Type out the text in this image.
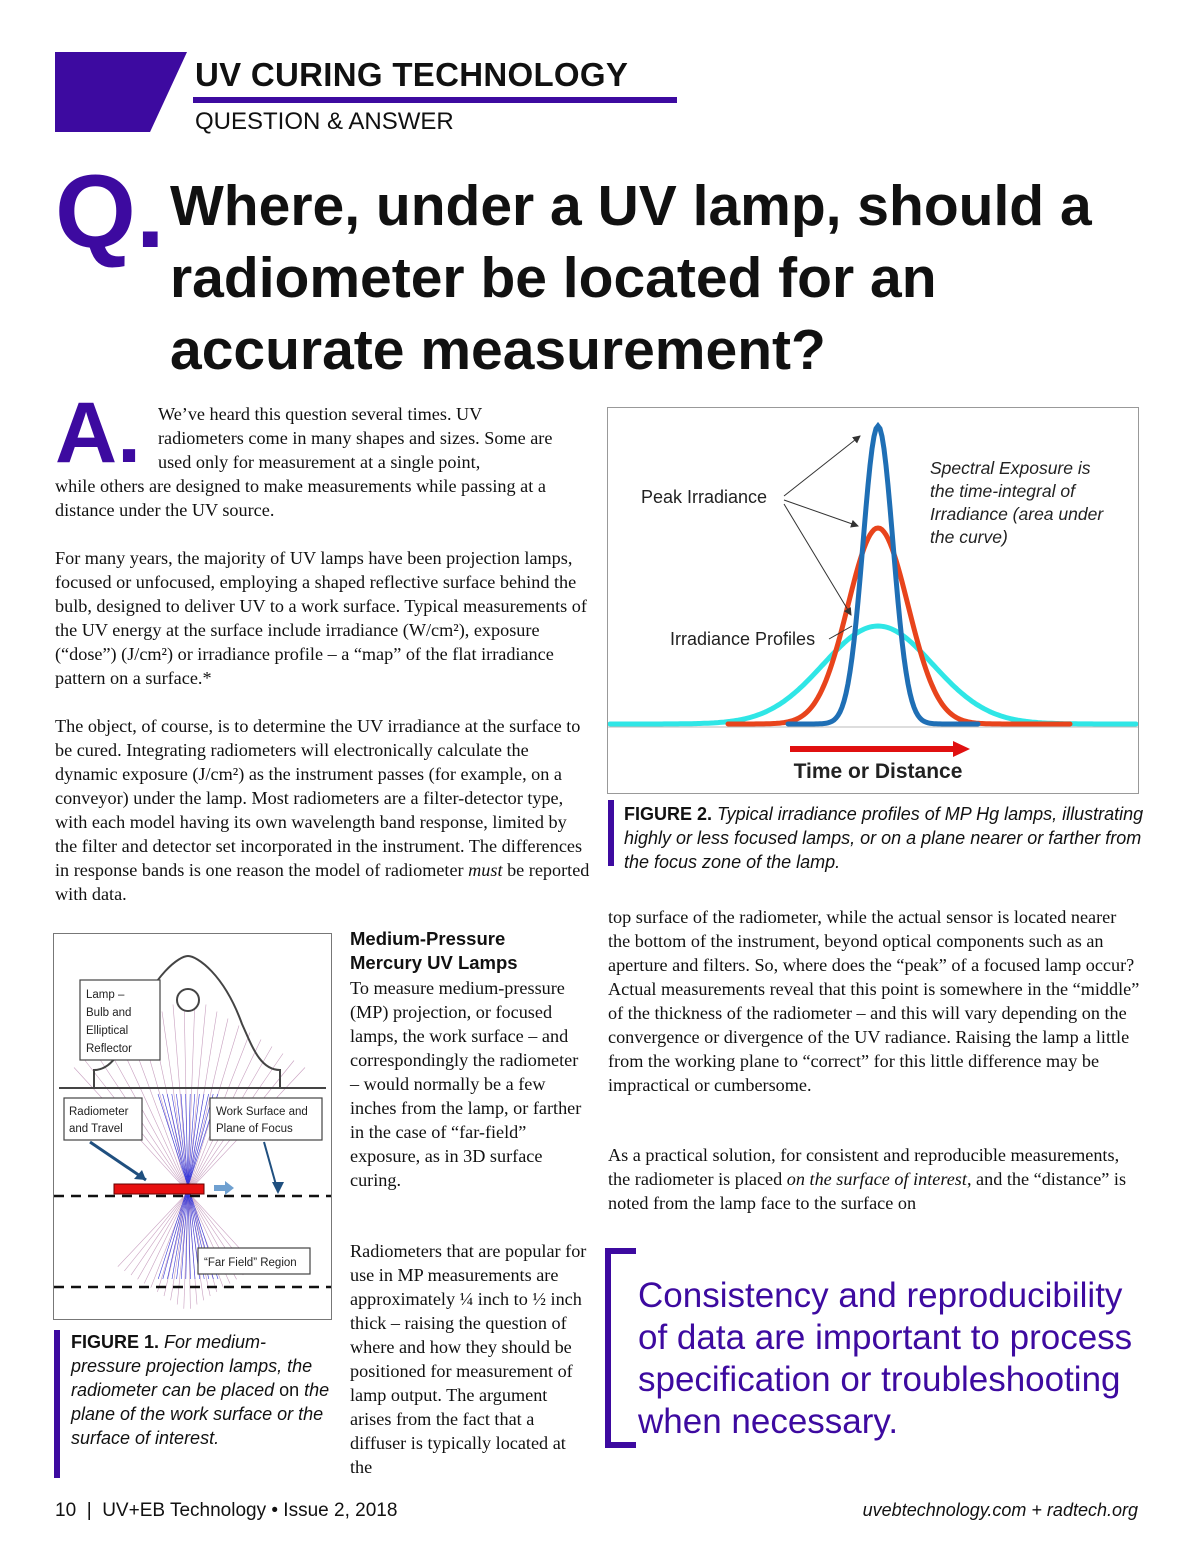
UV CURING TECHNOLOGY
QUESTION & ANSWER
Q. Where, under a UV lamp, should a radiometer be located for an accurate measurement?
A. We’ve heard this question several times. UV radiometers come in many shapes and sizes. Some are used only for measurement at a single point,
while others are designed to make measurements while passing at a distance under the UV source.
For many years, the majority of UV lamps have been projection lamps, focused or unfocused, employing a shaped reflective surface behind the bulb, designed to deliver UV to a work surface. Typical measurements of the UV energy at the surface include irradiance (W/cm²), exposure (“dose”) (J/cm²) or irradiance profile – a “map” of the flat irradiance pattern on a surface.*
The object, of course, is to determine the UV irradiance at the surface to be cured. Integrating radiometers will electronically calculate the dynamic exposure (J/cm²) as the instrument passes (for example, on a conveyor) under the lamp. Most radiometers are a filter-detector type, with each model having its own wavelength band response, limited by the filter and detector set incorporated in the instrument. The differences in response bands is one reason the model of radiometer must be reported with data.
Peak Irradiance
Irradiance Profiles
Spectral Exposure is
the time-integral of
Irradiance (area under
the curve)
Time or Distance
FIGURE 2. Typical irradiance profiles of MP Hg lamps, illustrating highly or less focused lamps, or on a plane nearer or farther from the focus zone of the lamp.
Lamp –
Bulb and
Elliptical
Reflector
Radiometer
and Travel
Work Surface and
Plane of Focus
“Far Field” Region
FIGURE 1. For medium-pressure projection lamps, the radiometer can be placed on the plane of the work surface or the surface of interest.
Medium-Pressure Mercury UV Lamps
To measure medium-pressure (MP) projection, or focused lamps, the work surface – and correspondingly the radiometer – would normally be a few inches from the lamp, or farther in the case of “far-field” exposure, as in 3D surface curing.
Radiometers that are popular for use in MP measurements are approximately ¼ inch to ½ inch thick – raising the question of where and how they should be positioned for measurement of lamp output. The argument arises from the fact that a diffuser is typically located at the
top surface of the radiometer, while the actual sensor is located nearer the bottom of the instrument, beyond optical components such as an aperture and filters. So, where does the “peak” of a focused lamp occur? Actual measurements reveal that this point is somewhere in the “middle” of the thickness of the radiometer – and this will vary depending on the convergence or divergence of the UV radiance. Raising the lamp a little from the working plane to “correct” for this little difference may be impractical or cumbersome.
As a practical solution, for consistent and reproducible measurements, the radiometer is placed on the surface of interest, and the “distance” is noted from the lamp face to the surface on
Consistency and reproducibility of data are important to process specification or troubleshooting when necessary.
10 | UV+EB Technology • Issue 2, 2018	uvebtechnology.com + radtech.org
